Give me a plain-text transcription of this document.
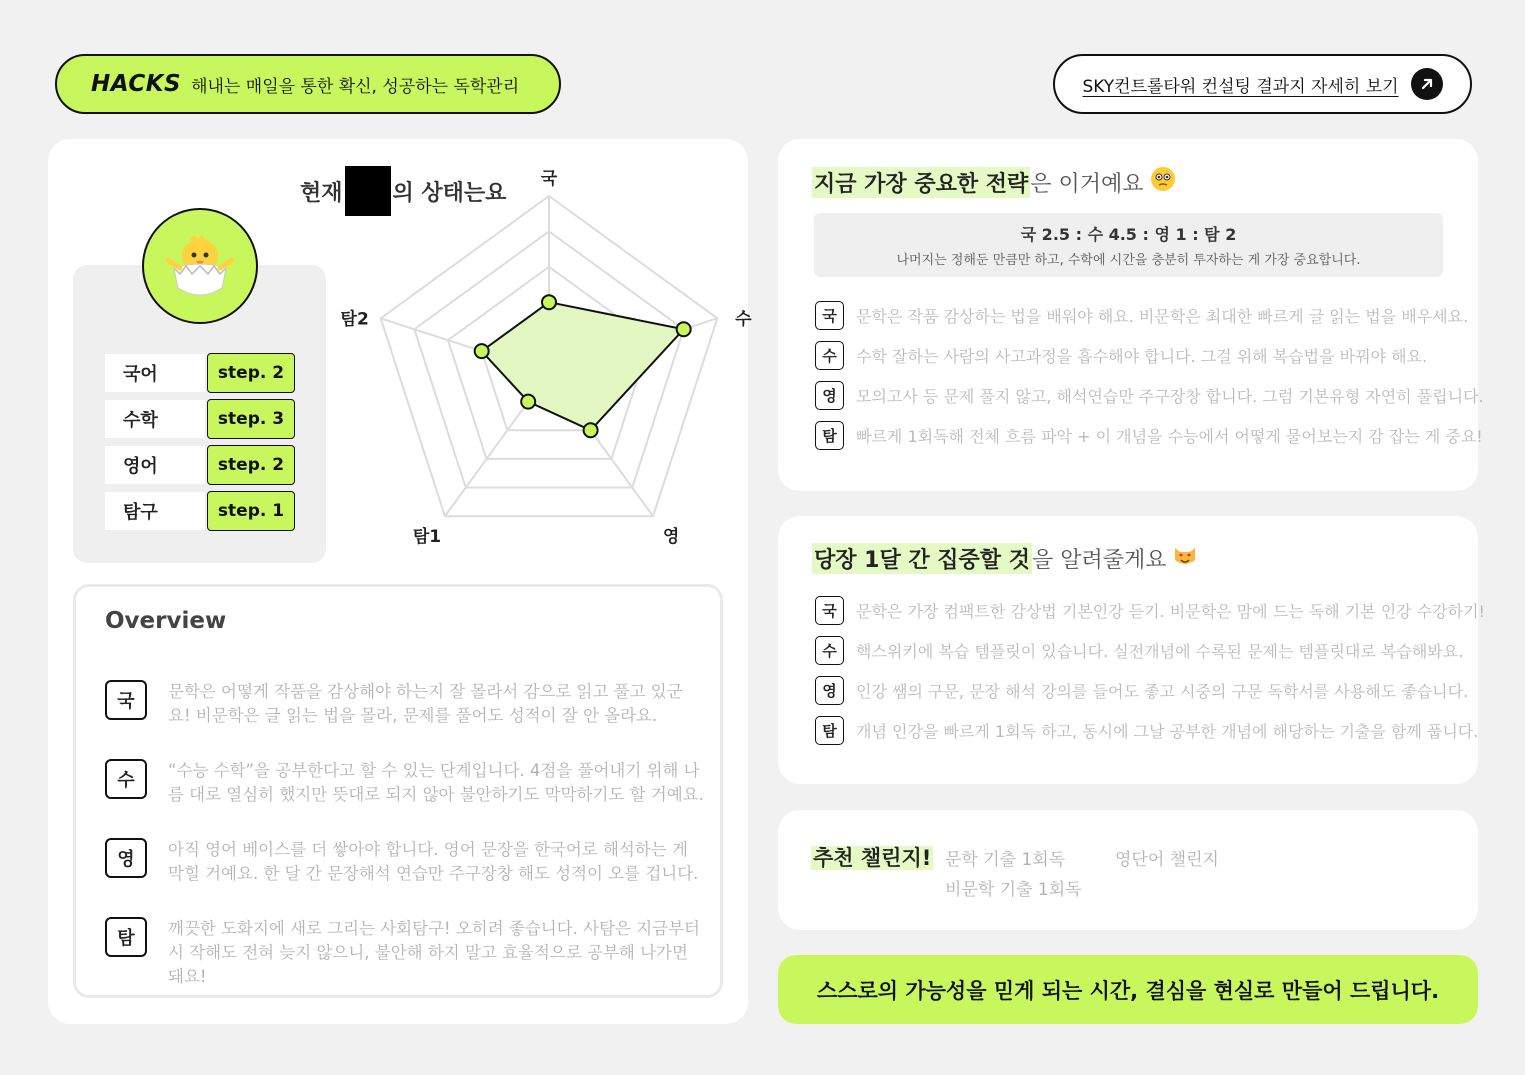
HACKS 해내는 매일을 통한 확신, 성공하는 독학관리	SKY컨트롤타워 컨설팅 결과지 자세히 보기
현재 의 상태는요
국어	step. 2
수학	step. 3
영어	step. 2
탐구	step. 1
국
수
영
탐1
탐2
Overview
국	문학은 어떻게 작품을 감상해야 하는지 잘 몰라서 감으로 읽고 풀고 있군요! 비문학은 글 읽는 법을 몰라, 문제를 풀어도 성적이 잘 안 올라요.
수	“수능 수학”을 공부한다고 할 수 있는 단계입니다. 4점을 풀어내기 위해 나름 대로 열심히 했지만 뜻대로 되지 않아 불안하기도 막막하기도 할 거예요.
영	아직 영어 베이스를 더 쌓아야 합니다. 영어 문장을 한국어로 해석하는 게 막힐 거예요. 한 달 간 문장해석 연습만 주구장창 해도 성적이 오를 겁니다.
탐	깨끗한 도화지에 새로 그리는 사회탐구! 오히려 좋습니다. 사탐은 지금부터 시 작해도 전혀 늦지 않으니, 불안해 하지 말고 효율적으로 공부해 나가면 돼요!
지금 가장 중요한 전략 은 이거예요
국 2.5 : 수 4.5 : 영 1 : 탐 2
나머지는 정해둔 만큼만 하고, 수학에 시간을 충분히 투자하는 게 가장 중요합니다.
국	문학은 작품 감상하는 법을 배워야 해요. 비문학은 최대한 빠르게 글 읽는 법을 배우세요.
수	수학 잘하는 사람의 사고과정을 흡수해야 합니다. 그걸 위해 복습법을 바꿔야 해요.
영	모의고사 등 문제 풀지 않고, 해석연습만 주구장창 합니다. 그럼 기본유형 자연히 풀립니다.
탐	빠르게 1회독해 전체 흐름 파악 + 이 개념을 수능에서 어떻게 물어보는지 감 잡는 게 중요!
당장 1달 간 집중할 것 을 알려줄게요
국	문학은 가장 컴팩트한 감상법 기본인강 듣기. 비문학은 맘에 드는 독해 기본 인강 수강하기!
수	핵스위키에 복습 템플릿이 있습니다. 실전개념에 수록된 문제는 템플릿대로 복습해봐요.
영	인강 쌤의 구문, 문장 해석 강의를 들어도 좋고 시중의 구문 독학서를 사용해도 좋습니다.
탐	개념 인강을 빠르게 1회독 하고, 동시에 그날 공부한 개념에 해당하는 기출을 함께 풉니다.
추천 챌린지! 문학 기출 1회독
비문학 기출 1회독
영단어 챌린지
스스로의 가능성을 믿게 되는 시간, 결심을 현실로 만들어 드립니다.
